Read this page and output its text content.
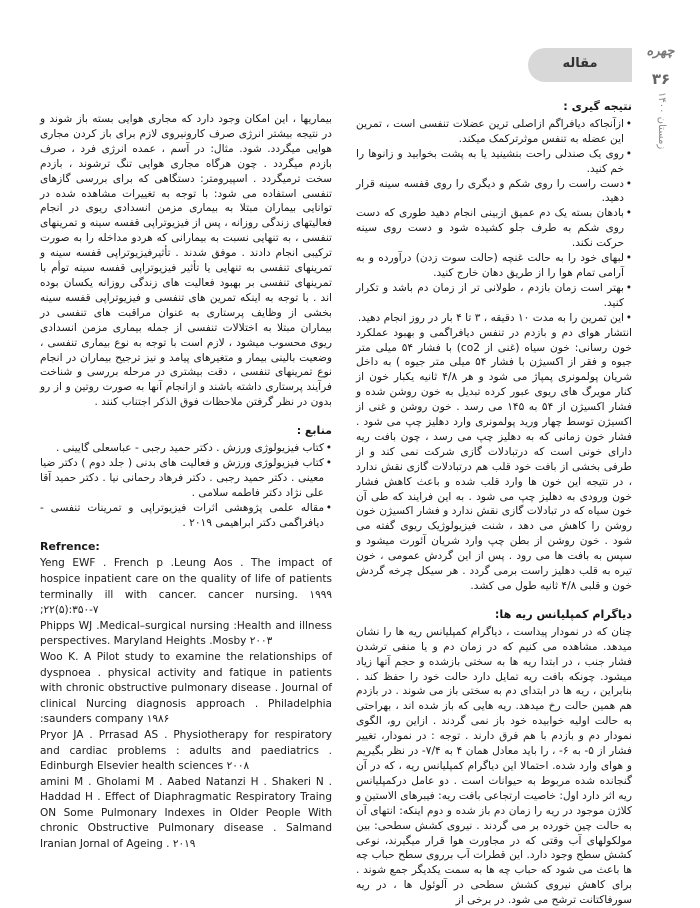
مقاله
چهره
۳۶
زمستان ۱۴۰۰
نتیجه گیری :
• ازآنجاکه دیافراگم ازاصلی ترین عضلات تنفسی است ، تمرین این عضله به تنفس موثرترکمک میکند.
• روی یک صندلی راحت بنشینید یا به پشت بخوابید و زانوها را خم کنید.
• دست راست را روی شکم و دیگری را روی قفسه سینه قرار دهید.
• بادهان بسته یک دم عمیق ازبینی انجام دهید طوری که دست روی شکم به طرف جلو کشیده شود و دست روی سینه حرکت نکند.
• لبهای خود را به حالت غنچه (حالت سوت زدن) درآورده و به آرامی تمام هوا را از طریق دهان خارج کنید.
• بهتر است زمان بازدم ، طولانی تر از زمان دم باشد و تکرار کنید.
• این تمرین را به مدت ۱۰ دقیقه ، ۳ تا ۴ بار در روز انجام دهید.
انتشار هوای دم و بازدم در تنفس دیافراگمی و بهبود عملکرد خون رسانی: خون سیاه (غنی از co2) با فشار ۵۴ میلی متر جیوه و فقر از اکسیژن با فشار ۵۴ میلی متر جیوه ) به داخل شریان پولمونری پمپاژ می شود و هر ۴/۸ ثانیه یکبار خون از کنار مویرگ های ریوی عبور کرده تبدیل به خون روشن شده و فشار اکسیژن از ۵۴ به ۱۴۵ می رسد . خون روشن و غنی از اکسیژن توسط چهار ورید پولمونری وارد دهلیز چپ می شود . فشار خون زمانی که به دهلیز چپ می رسد ، چون بافت ریه دارای خونی است که درتبادلات گازی شرکت نمی کند و از طرفی بخشی از بافت خود قلب هم درتبادلات گازی نقش ندارد ، در نتیجه این خون ها وارد قلب شده و باعث کاهش فشار خون ورودی به دهلیز چپ می شود . به این فرایند که طی آن خون سیاه که در تبادلات گازی نقش ندارد و فشار اکسیژن خون روشن را کاهش می دهد ، شنت فیزیولوژیک ریوی گفته می شود . خون روشن از بطن چپ وارد شریان آئورت میشود و سپس به بافت ها می رود . پس از این گردش عمومی ، خون تیره به قلب دهلیز راست برمی گردد . هر سیکل چرخه گردش خون و قلبی ۴/۸ ثانیه طول می کشد.
دیاگرام کمپلیانس ریه ها:
چنان که در نمودار پیداست ، دیاگرام کمپلیانس ریه ها را نشان میدهد. مشاهده می کنیم که در زمان دم و یا منفی ترشدن فشار جنب ، در ابتدا ریه ها به سختی بازشده و حجم آنها زیاد میشود. چونکه بافت ریه تمایل دارد حالت خود را حفظ کند . بنابراین ، ریه ها در ابتدای دم به سختی باز می شوند . در بازدم هم همین حالت رخ میدهد. ریه هایی که باز شده اند ، بهراحتی به حالت اولیه خوابیده خود باز نمی گردند . ازاین رو، الگوی نمودار دم و بازدم با هم فرق دارند . توجه : در نمودار، تغییر فشار از ۵- به ۶- ، را باید معادل همان ۴ به ۷/۴- در نظر بگیریم و هوای وارد شده. احتمالا این دیاگرام کمپلیانس ریه ، که در آن گنجانده شده مربوط به حیوانات است . دو عامل درکمپلیانس ریه اثر دارد اول: خاصیت ارتجاعی بافت ریه: فیبرهای الاستین و کلاژن موجود در ریه را زمان دم باز شده و دوم اینکه: انتهای آن به حالت چین خورده بر می گردند . نیروی کشش سطحی: بین مولکولهای آب وقتی که در مجاورت هوا قرار میگیرند، نوعی کشش سطح وجود دارد. این قطرات آب برروی سطح حباب چه ها باعث می شود که حباب چه ها به سمت یکدیگر جمع شوند . برای کاهش نیروی کشش سطحی در آلوئول ها ، در ریه سورفاکتانت ترشح می شود. در برخی از
بیماریها ، این امکان وجود دارد که مجاری هوایی بسته باز شوند و در نتیجه بیشتر انرژی صرف کارونیروی لازم برای باز کردن مجاری هوایی میگردد. شود. مثال: در آسم ، عمده انرژی فرد ، صرف بازدم میگردد . چون هرگاه مجاری هوایی تنگ ترشوند ، بازدم سخت ترمیگردد . اسپیرومتر: دستگاهی که برای بررسی گازهای تنفسی استفاده می شود: با توجه به تغییرات مشاهده شده در توانایی بیماران مبتلا به بیماری مزمن انسدادی ریوی در انجام فعالیتهای زندگی روزانه ، پس از فیزیوتراپی قفسه سینه و تمرینهای تنفسی ، به تنهایی نسبت به بیمارانی که هردو مداخله را به صورت ترکیبی انجام دادند . موفق شدند . تأثیرفیزیوتراپی قفسه سینه و تمرینهای تنفسی به تنهایی یا تأثیر فیزیوتراپی قفسه سینه توأم با تمرینهای تنفسی بر بهبود فعالیت های زندگی روزانه یکسان بوده اند . با توجه به اینکه تمرین های تنفسی و فیزیوتراپی قفسه سینه بخشی از وظایف پرستاری به عنوان مراقبت های تنفسی در بیماران مبتلا به اختلالات تنفسی از جمله بیماری مزمن انسدادی ریوی محسوب میشود ، لازم است با توجه به نوع بیماری تنفسی ، وضعیت بالینی بیمار و متغیرهای پیامد و نیز ترجیح بیماران در انجام نوع تمرینهای تنفسی ، دقت بیشتری در مرحله بررسی و شناخت فرآیند پرستاری داشته باشند و ازانجام آنها به صورت روتین و از رو بدون در نظر گرفتن ملاحظات فوق الذکر اجتناب کنند .
منابع :
• کتاب فیزیولوژی ورزش . دکتر حمید رجبی - عباسعلی گایینی .
• کتاب فیزیولوژی ورزش و فعالیت های بدنی ( جلد دوم ) دکتر ضیا معینی . دکتر حمید رجبی . دکتر فرهاد رحمانی نیا . دکتر حمید آقا علی نژاد دکتر فاطمه سلامی .
• مقاله علمی پژوهشی اثرات فیزیوتراپی و تمرینات تنفسی - دیافراگمی دکتر ابراهیمی ۲۰۱۹ .
Refrence:
Yeng EWF . French p .Leung Aos . The impact of hospice inpatient care on the quality of life of patients terminally ill with cancer. cancer nursing. ۱۹۹۹ ;۲۲(۵):۳۵۰-۷
Phipps WJ .Medical–surgical nursing :Health and illness perspectives. Maryland Heights .Mosby ۲۰۰۳
Woo K. A Pilot study to examine the relationships of dyspnoea . physical activity and fatique in patients with chronic obstructive pulmonary disease . Journal of clinical Nurcing diagnosis approach . Philadelphia :saunders company ۱۹۸۶
Pryor JA . Prrasad AS . Physiotherapy for respiratory and cardiac problems : adults and paediatrics . Edinburgh Elsevier health sciences ۲۰۰۸
amini M . Gholami M . Aabed Natanzi H . Shakeri N . Haddad H . Effect of Diaphragmatic Respiratory Traing ON Some Pulmonary Indexes in Older People With chronic Obstructive Pulmonary disease . Salmand Iranian Jornal of Ageing . ۲۰۱۹
